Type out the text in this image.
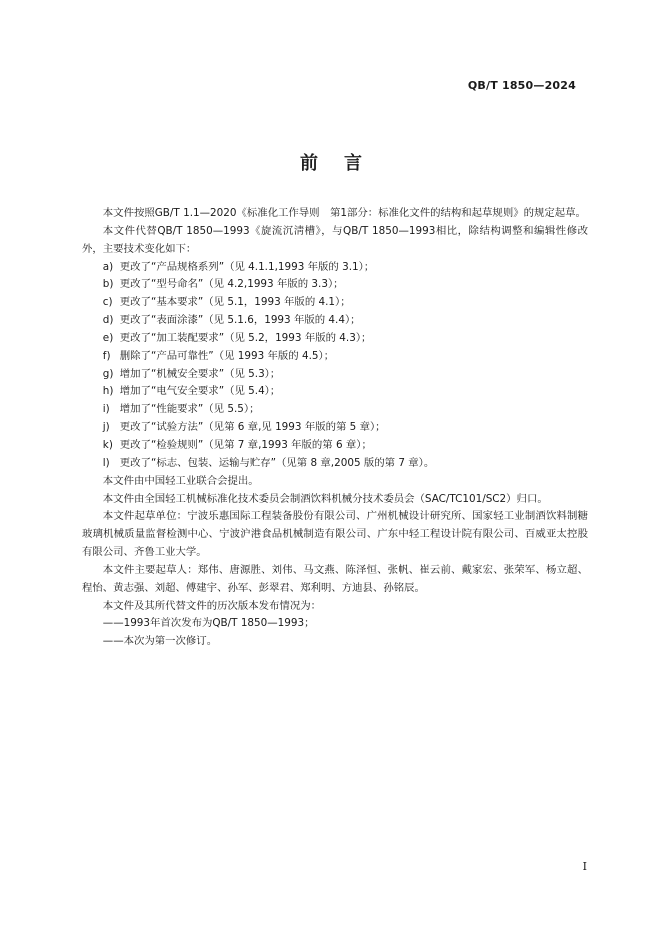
QB/T 1850—2024
前言

本文件按照GB/T 1.1—2020《标准化工作导则　第1部分：标准化文件的结构和起草规则》的规定起草。

本文件代替QB/T 1850—1993《旋流沉淸槽》，与QB/T 1850—1993相比，除结构调整和编辑性修改外，主要技术变化如下：

a) 更改了“产品规格系列”（见 4.1.1,1993 年版的 3.1）；

b) 更改了“型号命名”（见 4.2,1993 年版的 3.3）；

c) 更改了“基本要求”（见 5.1，1993 年版的 4.1）；

d) 更改了“表面涂漆”（见 5.1.6，1993 年版的 4.4）；

e) 更改了“加工装配要求”（见 5.2，1993 年版的 4.3）；

f) 删除了“产品可靠性”（见 1993 年版的 4.5）；

g) 增加了“机械安全要求”（见 5.3）；

h) 增加了“电气安全要求”（见 5.4）；

i) 增加了“性能要求”（见 5.5）；

j) 更改了“试验方法”（见第 6 章,见 1993 年版的第 5 章）；

k) 更改了“检验规则”（见第 7 章,1993 年版的第 6 章）；

l) 更改了“标志、包装、运输与贮存”（见第 8 章,2005 版的第 7 章）。

本文件由中国轻工业联合会提出。

本文件由全国轻工机械标准化技术委员会制酒饮料机械分技术委员会（SAC/TC101/SC2）归口。

本文件起草单位：宁波乐惠国际工程装备股份有限公司、广州机械设计研究所、国家轻工业制酒饮料制糖玻璃机械质量监督检测中心、宁波沪港食品机械制造有限公司、广东中轻工程设计院有限公司、百威亚太控股有限公司、齐鲁工业大学。

本文件主要起草人：郑伟、唐源胜、刘伟、马文燕、陈泽恒、张帆、崔云前、戴家宏、张荣军、杨立超、程怡、黄志强、刘超、傅建宇、孙军、彭翠君、郑利明、方迪县、孙铭辰。

本文件及其所代替文件的历次版本发布情况为：

——1993年首次发布为QB/T 1850—1993；

——本次为第一次修订。

I
